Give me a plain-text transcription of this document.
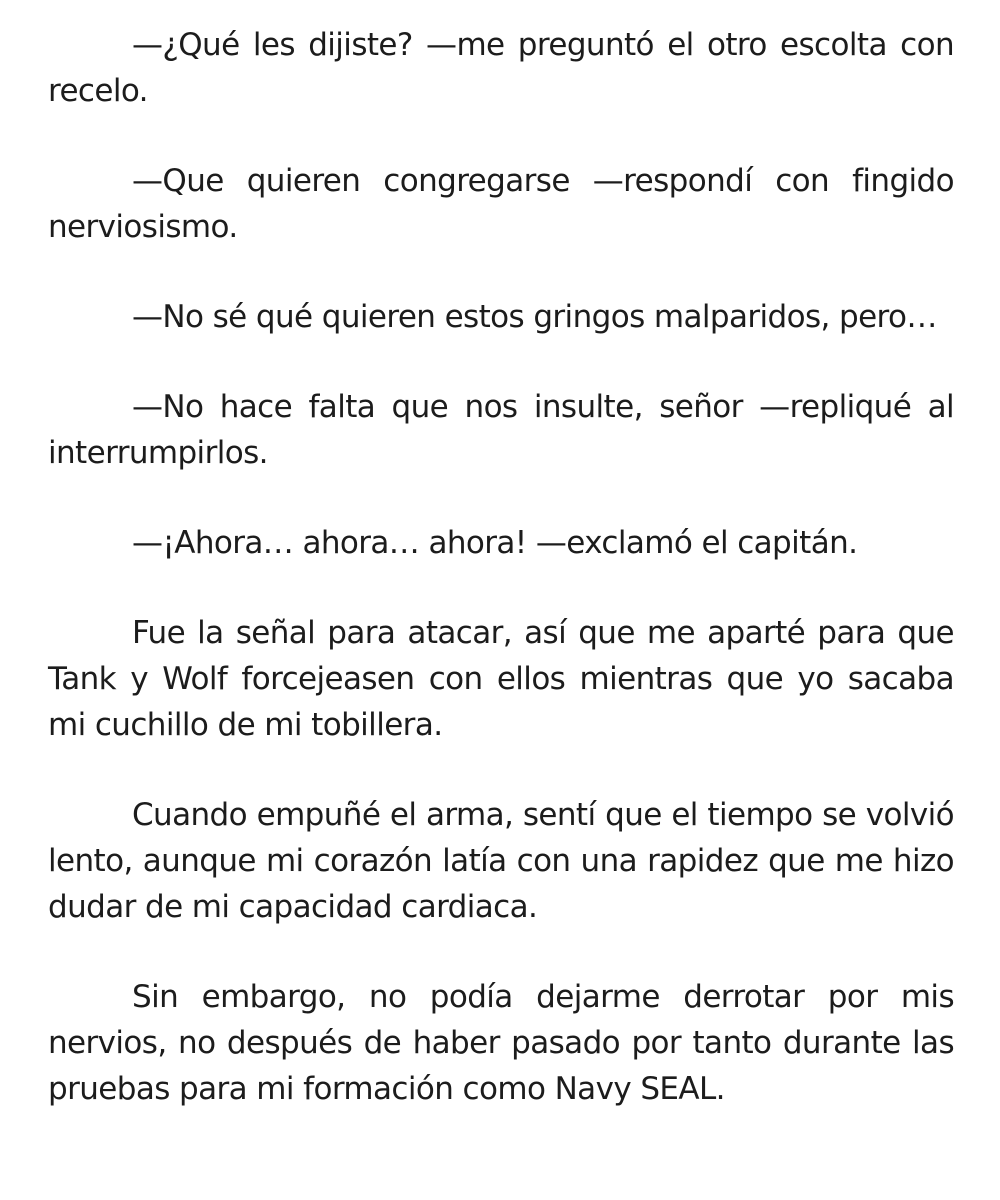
—¿Qué les dijiste? —me preguntó el otro escolta con recelo.

—Que quieren congregarse —respondí con fingido nerviosismo.

—No sé qué quieren estos gringos malparidos, pero…

—No hace falta que nos insulte, señor —repliqué al interrumpirlos.

—¡Ahora… ahora… ahora! —exclamó el capitán.

Fue la señal para atacar, así que me aparté para que Tank y Wolf forcejeasen con ellos mientras que yo sacaba mi cuchillo de mi tobillera.

Cuando empuñé el arma, sentí que el tiempo se volvió lento, aunque mi corazón latía con una rapidez que me hizo dudar de mi capacidad cardiaca.

Sin embargo, no podía dejarme derrotar por mis nervios, no después de haber pasado por tanto durante las pruebas para mi formación como Navy SEAL.
